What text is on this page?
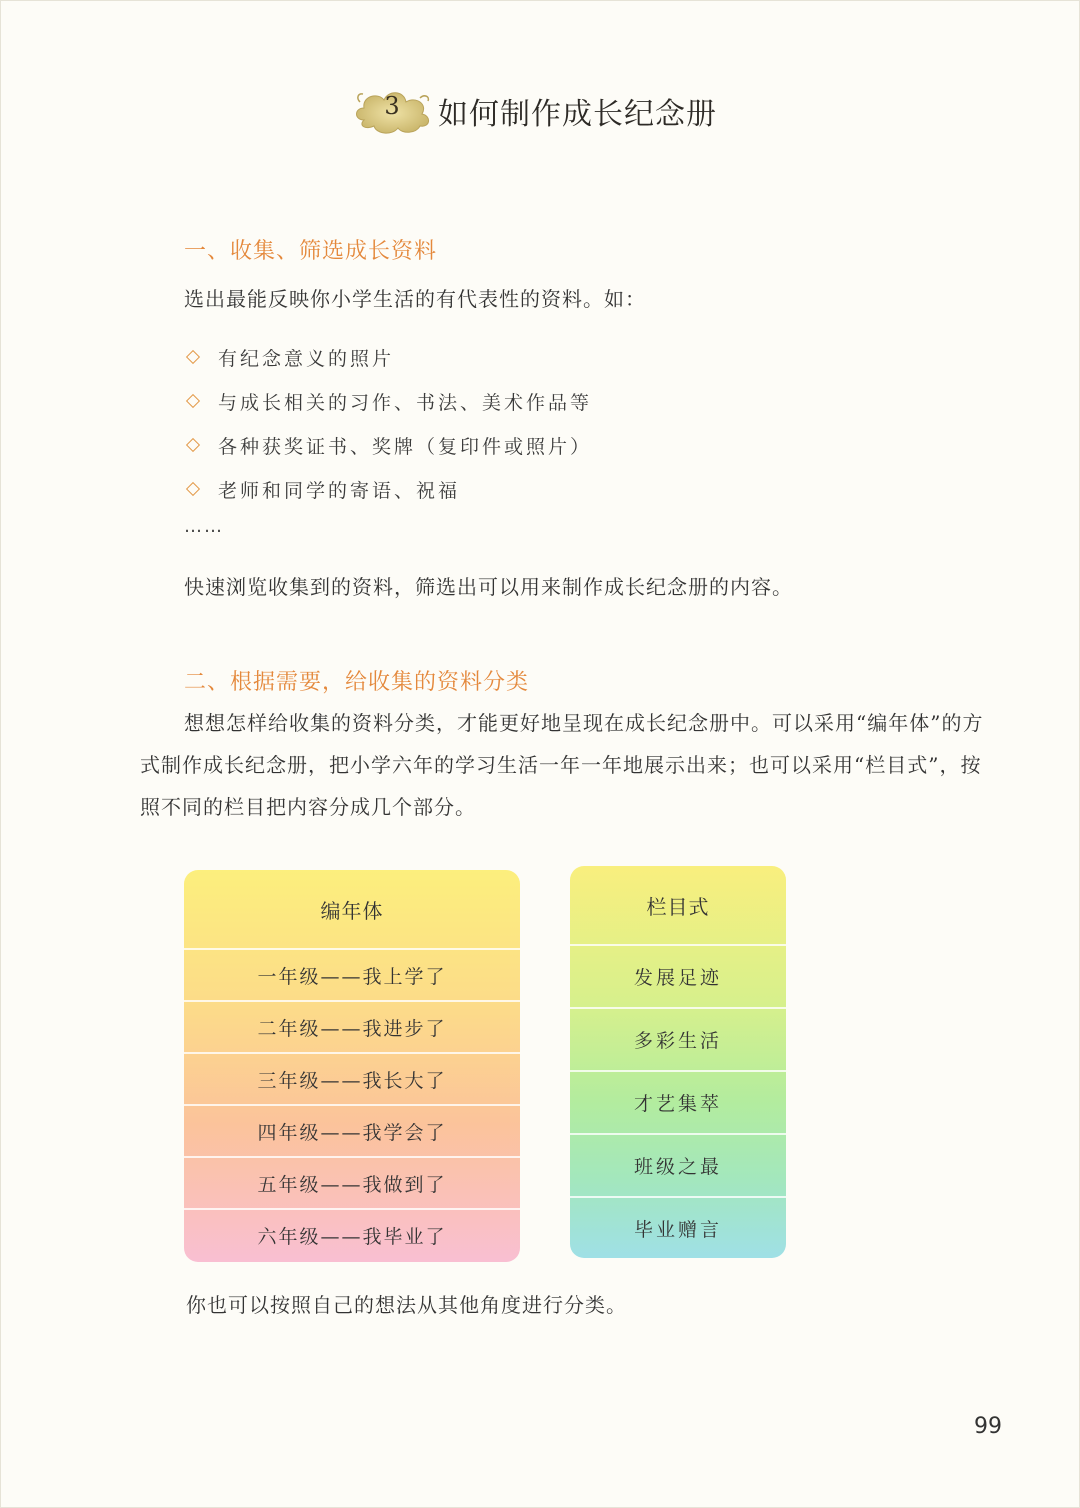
3	如何制作成长纪念册
一、收集、筛选成长资料
选出最能反映你小学生活的有代表性的资料。如：
有纪念意义的照片
与成长相关的习作、书法、美术作品等
各种获奖证书、奖牌（复印件或照片）
老师和同学的寄语、祝福
……
快速浏览收集到的资料，筛选出可以用来制作成长纪念册的内容。
二、根据需要，给收集的资料分类
想想怎样给收集的资料分类，才能更好地呈现在成长纪念册中。可以采用“编年体”的方式制作成长纪念册，把小学六年的学习生活一年一年地展示出来；也可以采用“栏目式”，按照不同的栏目把内容分成几个部分。
编年体
一年级——我上学了
二年级——我进步了
三年级——我长大了
四年级——我学会了
五年级——我做到了
六年级——我毕业了
栏目式
发展足迹
多彩生活
才艺集萃
班级之最
毕业赠言
你也可以按照自己的想法从其他角度进行分类。
99
